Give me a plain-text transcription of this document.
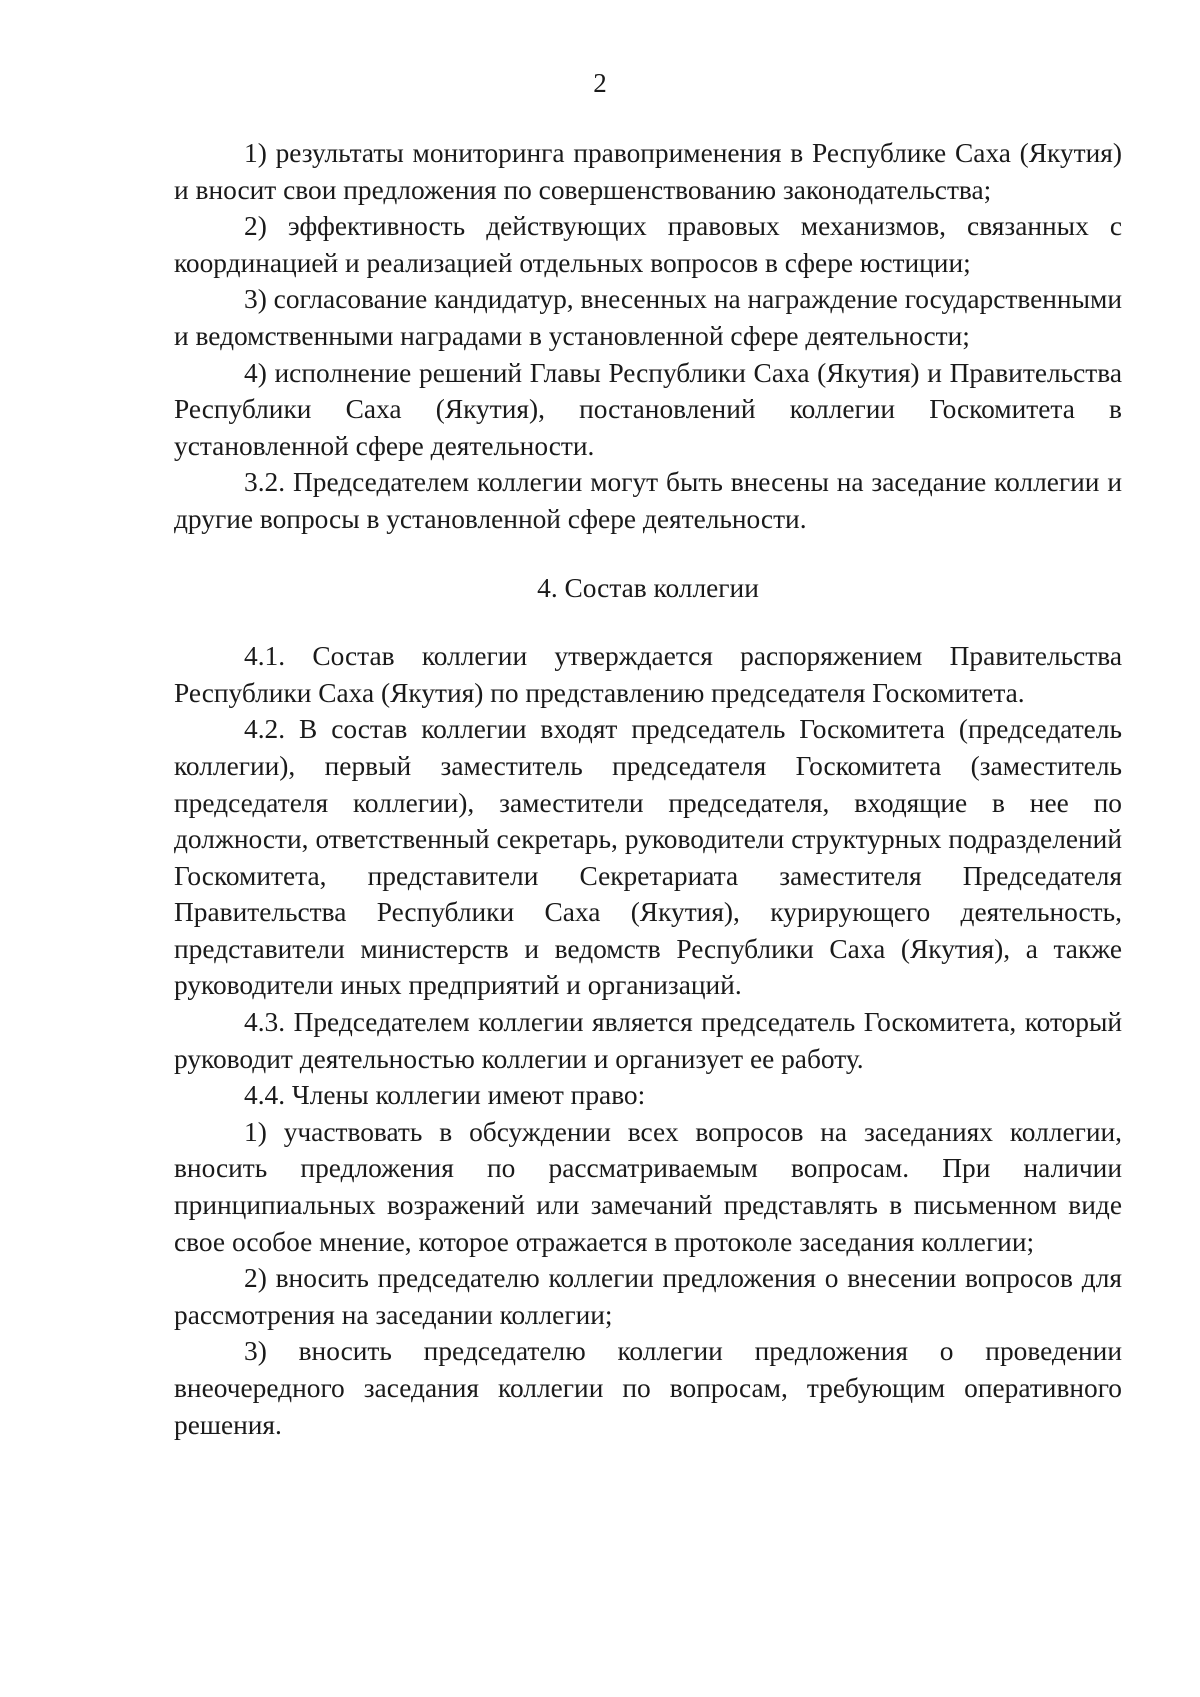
2

1) результаты мониторинга правоприменения в Республике Саха (Якутия) и вносит свои предложения по совершенствованию законодательства;

2) эффективность действующих правовых механизмов, связанных с координацией и реализацией отдельных вопросов в сфере юстиции;

3) согласование кандидатур, внесенных на награждение государственными и ведомственными наградами в установленной сфере деятельности;

4) исполнение решений Главы Республики Саха (Якутия) и Правительства Республики Саха (Якутия), постановлений коллегии Госкомитета в установленной сфере деятельности.

3.2. Председателем коллегии могут быть внесены на заседание коллегии и другие вопросы в установленной сфере деятельности.

4. Состав коллегии

4.1. Состав коллегии утверждается распоряжением Правительства Республики Саха (Якутия) по представлению председателя Госкомитета.

4.2. В состав коллегии входят председатель Госкомитета (председатель коллегии), первый заместитель председателя Госкомитета (заместитель председателя коллегии), заместители председателя, входящие в нее по должности, ответственный секретарь, руководители структурных подразделений Госкомитета, представители Секретариата заместителя Председателя Правительства Республики Саха (Якутия), курирующего деятельность, представители министерств и ведомств Республики Саха (Якутия), а также руководители иных предприятий и организаций.

4.3. Председателем коллегии является председатель Госкомитета, который руководит деятельностью коллегии и организует ее работу.

4.4. Члены коллегии имеют право:

1) участвовать в обсуждении всех вопросов на заседаниях коллегии, вносить предложения по рассматриваемым вопросам. При наличии принципиальных возражений или замечаний представлять в письменном виде свое особое мнение, которое отражается в протоколе заседания коллегии;

2) вносить председателю коллегии предложения о внесении вопросов для рассмотрения на заседании коллегии;

3) вносить председателю коллегии предложения о проведении внеочередного заседания коллегии по вопросам, требующим оперативного решения.
